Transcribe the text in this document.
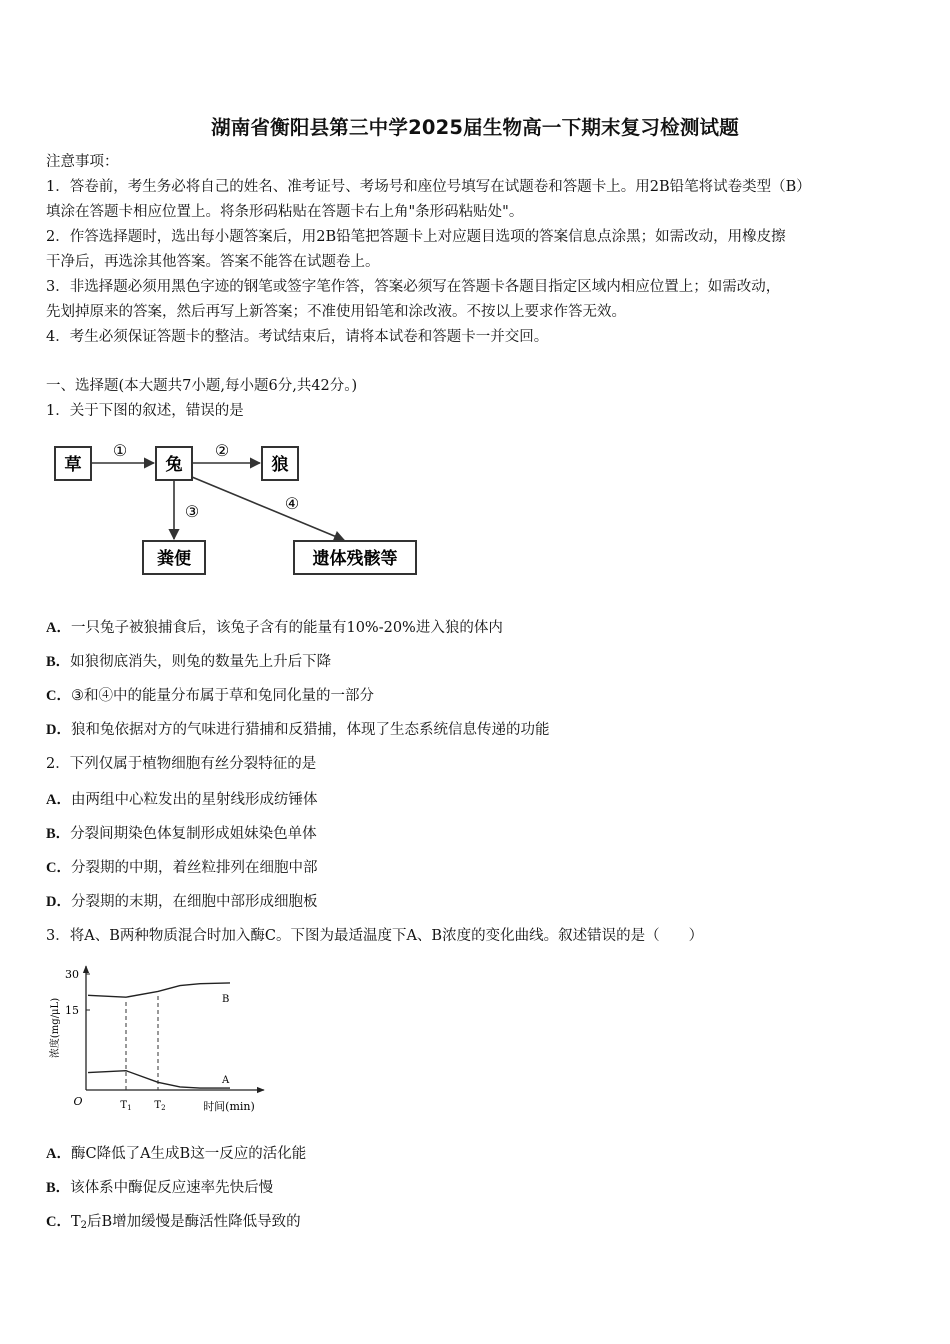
湖南省衡阳县第三中学2025届生物高一下期末复习检测试题
注意事项：
1．答卷前，考生务必将自己的姓名、准考证号、考场号和座位号填写在试题卷和答题卡上。用2B铅笔将试卷类型（B）
填涂在答题卡相应位置上。将条形码粘贴在答题卡右上角"条形码粘贴处"。
2．作答选择题时，选出每小题答案后，用2B铅笔把答题卡上对应题目选项的答案信息点涂黑；如需改动，用橡皮擦
干净后，再选涂其他答案。答案不能答在试题卷上。
3．非选择题必须用黑色字迹的钢笔或签字笔作答，答案必须写在答题卡各题目指定区域内相应位置上；如需改动，
先划掉原来的答案，然后再写上新答案；不准使用铅笔和涂改液。不按以上要求作答无效。
4．考生必须保证答题卡的整洁。考试结束后，请将本试卷和答题卡一并交回。
一、选择题(本大题共7小题,每小题6分,共42分。)
1．关于下图的叙述，错误的是
草	兔	狼
粪便	遗体残骸等
①	②
③	④
A．一只兔子被狼捕食后，该兔子含有的能量有10%-20%进入狼的体内
B．如狼彻底消失，则兔的数量先上升后下降
C．③和④中的能量分布属于草和兔同化量的一部分
D．狼和兔依据对方的气味进行猎捕和反猎捕，体现了生态系统信息传递的功能
2．下列仅属于植物细胞有丝分裂特征的是
A．由两组中心粒发出的星射线形成纺锤体
B．分裂间期染色体复制形成姐妹染色单体
C．分裂期的中期，着丝粒排列在细胞中部
D．分裂期的末期，在细胞中部形成细胞板
3．将A、B两种物质混合时加入酶C。下图为最适温度下A、B浓度的变化曲线。叙述错误的是（　　）
浓度(mg/μL) 15
30
O	$T_1$ $T_2$	时间(min)
B
A
A．酶C降低了A生成B这一反应的活化能
B．该体系中酶促反应速率先快后慢
C．$T_2$后B增加缓慢是酶活性降低导致的
